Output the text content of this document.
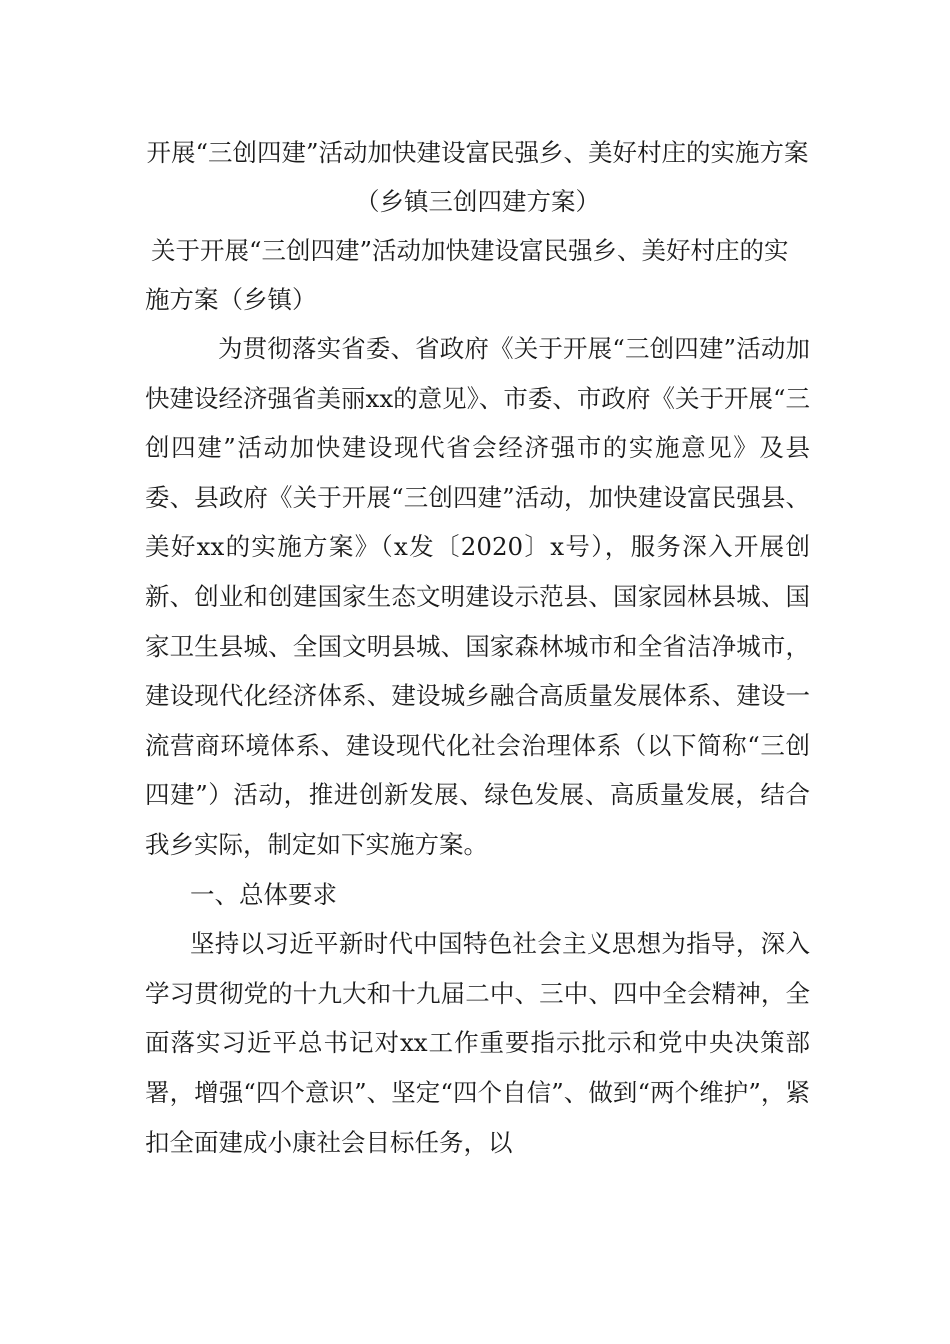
开展“三创四建”活动加快建设富民强乡、美好村庄的实施方案（乡镇三创四建方案）

关于开展“三创四建”活动加快建设富民强乡、美好村庄的实施方案（乡镇）

为贯彻落实省委、省政府《关于开展“三创四建”活动加快建设经济强省美丽xx的意见》、市委、市政府《关于开展“三创四建”活动加快建设现代省会经济强市的实施意见》及县委、县政府《关于开展“三创四建”活动，加快建设富民强县、美好xx的实施方案》（x发〔2020〕x号），服务深入开展创新、创业和创建国家生态文明建设示范县、国家园林县城、国家卫生县城、全国文明县城、国家森林城市和全省洁净城市，建设现代化经济体系、建设城乡融合高质量发展体系、建设一流营商环境体系、建设现代化社会治理体系（以下简称“三创四建”）活动，推进创新发展、绿色发展、高质量发展，结合我乡实际，制定如下实施方案。

一、总体要求

坚持以习近平新时代中国特色社会主义思想为指导，深入学习贯彻党的十九大和十九届二中、三中、四中全会精神，全面落实习近平总书记对xx工作重要指示批示和党中央决策部署，增强“四个意识”、坚定“四个自信”、做到“两个维护”，紧扣全面建成小康社会目标任务，以
